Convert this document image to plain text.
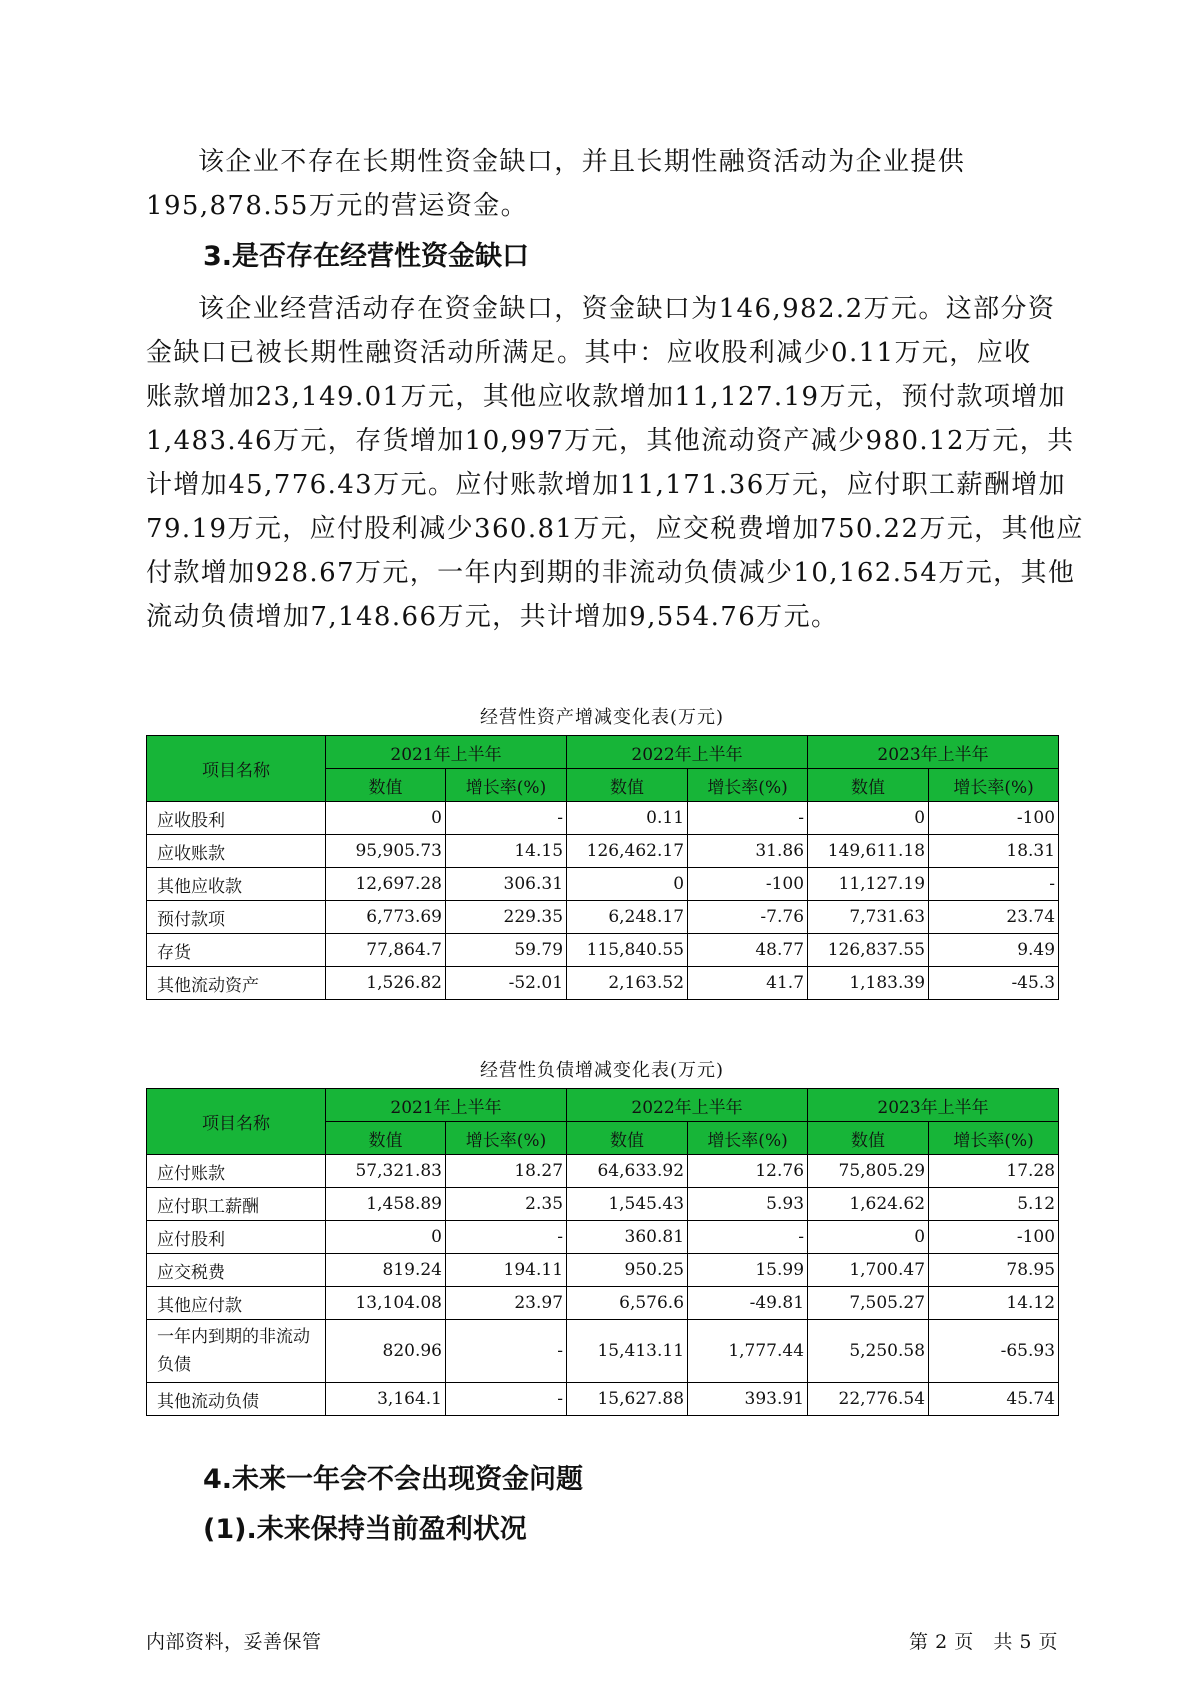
该企业不存在长期性资金缺口，并且长期性融资活动为企业提供
195,878.55万元的营运资金。
3.是否存在经营性资金缺口
该企业经营活动存在资金缺口，资金缺口为146,982.2万元。这部分资
金缺口已被长期性融资活动所满足。其中：应收股利减少0.11万元，应收
账款增加23,149.01万元，其他应收款增加11,127.19万元，预付款项增加
1,483.46万元，存货增加10,997万元，其他流动资产减少980.12万元，共
计增加45,776.43万元。应付账款增加11,171.36万元，应付职工薪酬增加
79.19万元，应付股利减少360.81万元，应交税费增加750.22万元，其他应
付款增加928.67万元，一年内到期的非流动负债减少10,162.54万元，其他
流动负债增加7,148.66万元，共计增加9,554.76万元。
经营性资产增减变化表(万元)
项目名称	2021年上半年		2022年上半年		2023年上半年	
	数值	增长率(%)	数值	增长率(%)	数值	增长率(%)
应收股利	0	-	0.11	-	0	-100
应收账款	95,905.73	14.15	126,462.17	31.86	149,611.18	18.31
其他应收款	12,697.28	306.31	0	-100	11,127.19	-
预付款项	6,773.69	229.35	6,248.17	-7.76	7,731.63	23.74
存货	77,864.7	59.79	115,840.55	48.77	126,837.55	9.49
其他流动资产	1,526.82	-52.01	2,163.52	41.7	1,183.39	-45.3
经营性负债增减变化表(万元)
项目名称	2021年上半年		2022年上半年		2023年上半年	
	数值	增长率(%)	数值	增长率(%)	数值	增长率(%)
应付账款	57,321.83	18.27	64,633.92	12.76	75,805.29	17.28
应付职工薪酬	1,458.89	2.35	1,545.43	5.93	1,624.62	5.12
应付股利	0	-	360.81	-	0	-100
应交税费	819.24	194.11	950.25	15.99	1,700.47	78.95
其他应付款	13,104.08	23.97	6,576.6	-49.81	7,505.27	14.12
一年内到期的非流动负债	820.96	-	15,413.11	1,777.44	5,250.58	-65.93
其他流动负债	3,164.1	-	15,627.88	393.91	22,776.54	45.74
4.未来一年会不会出现资金问题
(1).未来保持当前盈利状况
内部资料，妥善保管	第 2 页   共 5 页
